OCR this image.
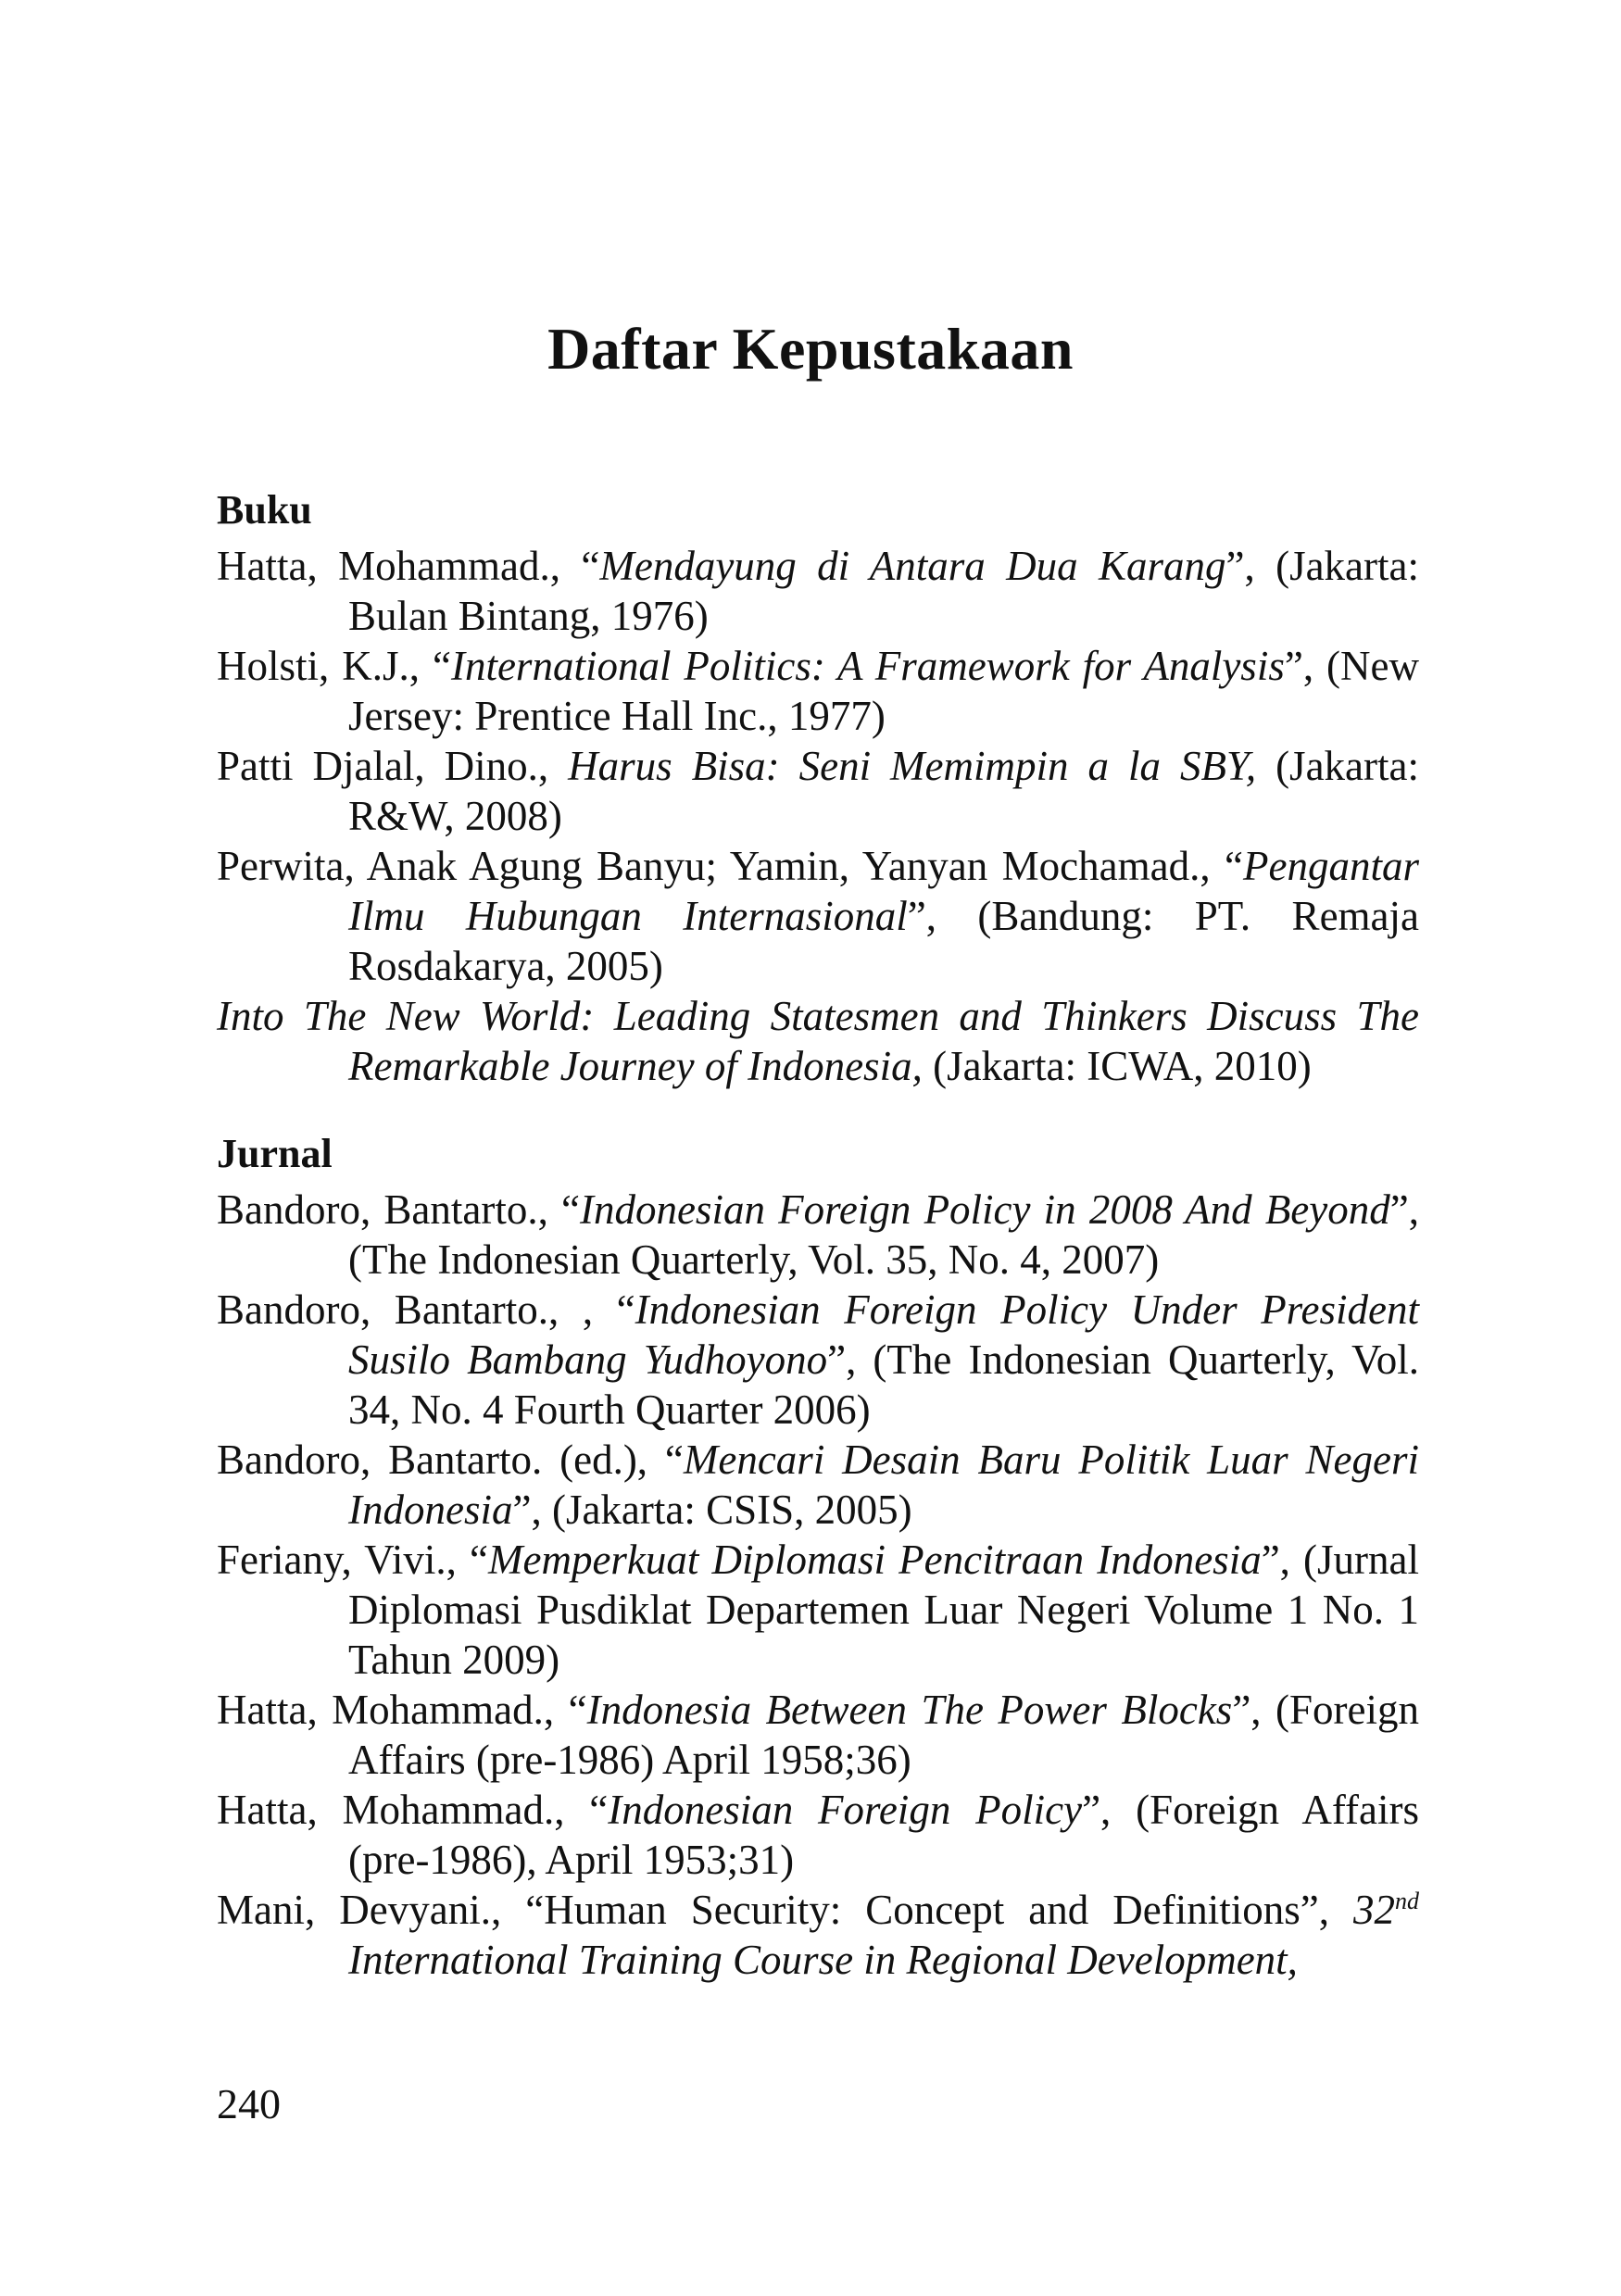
Daftar Kepustakaan
Buku
Hatta, Mohammad., “Mendayung di Antara Dua Karang”, (Jakarta: Bulan Bintang, 1976)
Holsti, K.J., “International Politics: A Framework for Analysis”, (New Jersey: Prentice Hall Inc., 1977)
Patti Djalal, Dino., Harus Bisa: Seni Memimpin a la SBY, (Jakarta: R&W, 2008)
Perwita, Anak Agung Banyu; Yamin, Yanyan Mochamad., “Pengantar Ilmu Hubungan Internasional”, (Bandung: PT. Remaja Rosdakarya, 2005)
Into The New World: Leading Statesmen and Thinkers Discuss The Remarkable Journey of Indonesia, (Jakarta: ICWA, 2010)
Jurnal
Bandoro, Bantarto., “Indonesian Foreign Policy in 2008 And Beyond”, (The Indonesian Quarterly, Vol. 35, No. 4, 2007)
Bandoro, Bantarto., , “Indonesian Foreign Policy Under President Susilo Bambang Yudhoyono”, (The Indonesian Quarterly, Vol. 34, No. 4 Fourth Quarter 2006)
Bandoro, Bantarto. (ed.), “Mencari Desain Baru Politik Luar Negeri Indonesia”, (Jakarta: CSIS, 2005)
Feriany, Vivi., “Memperkuat Diplomasi Pencitraan Indonesia”, (Jurnal Diplomasi Pusdiklat Departemen Luar Negeri Volume 1 No. 1 Tahun 2009)
Hatta, Mohammad., “Indonesia Between The Power Blocks”, (Foreign Affairs (pre-1986) April 1958;36)
Hatta, Mohammad., “Indonesian Foreign Policy”, (Foreign Affairs (pre-1986), April 1953;31)
Mani, Devyani., “Human Security: Concept and Definitions”, 32nd International Training Course in Regional Development,

240
